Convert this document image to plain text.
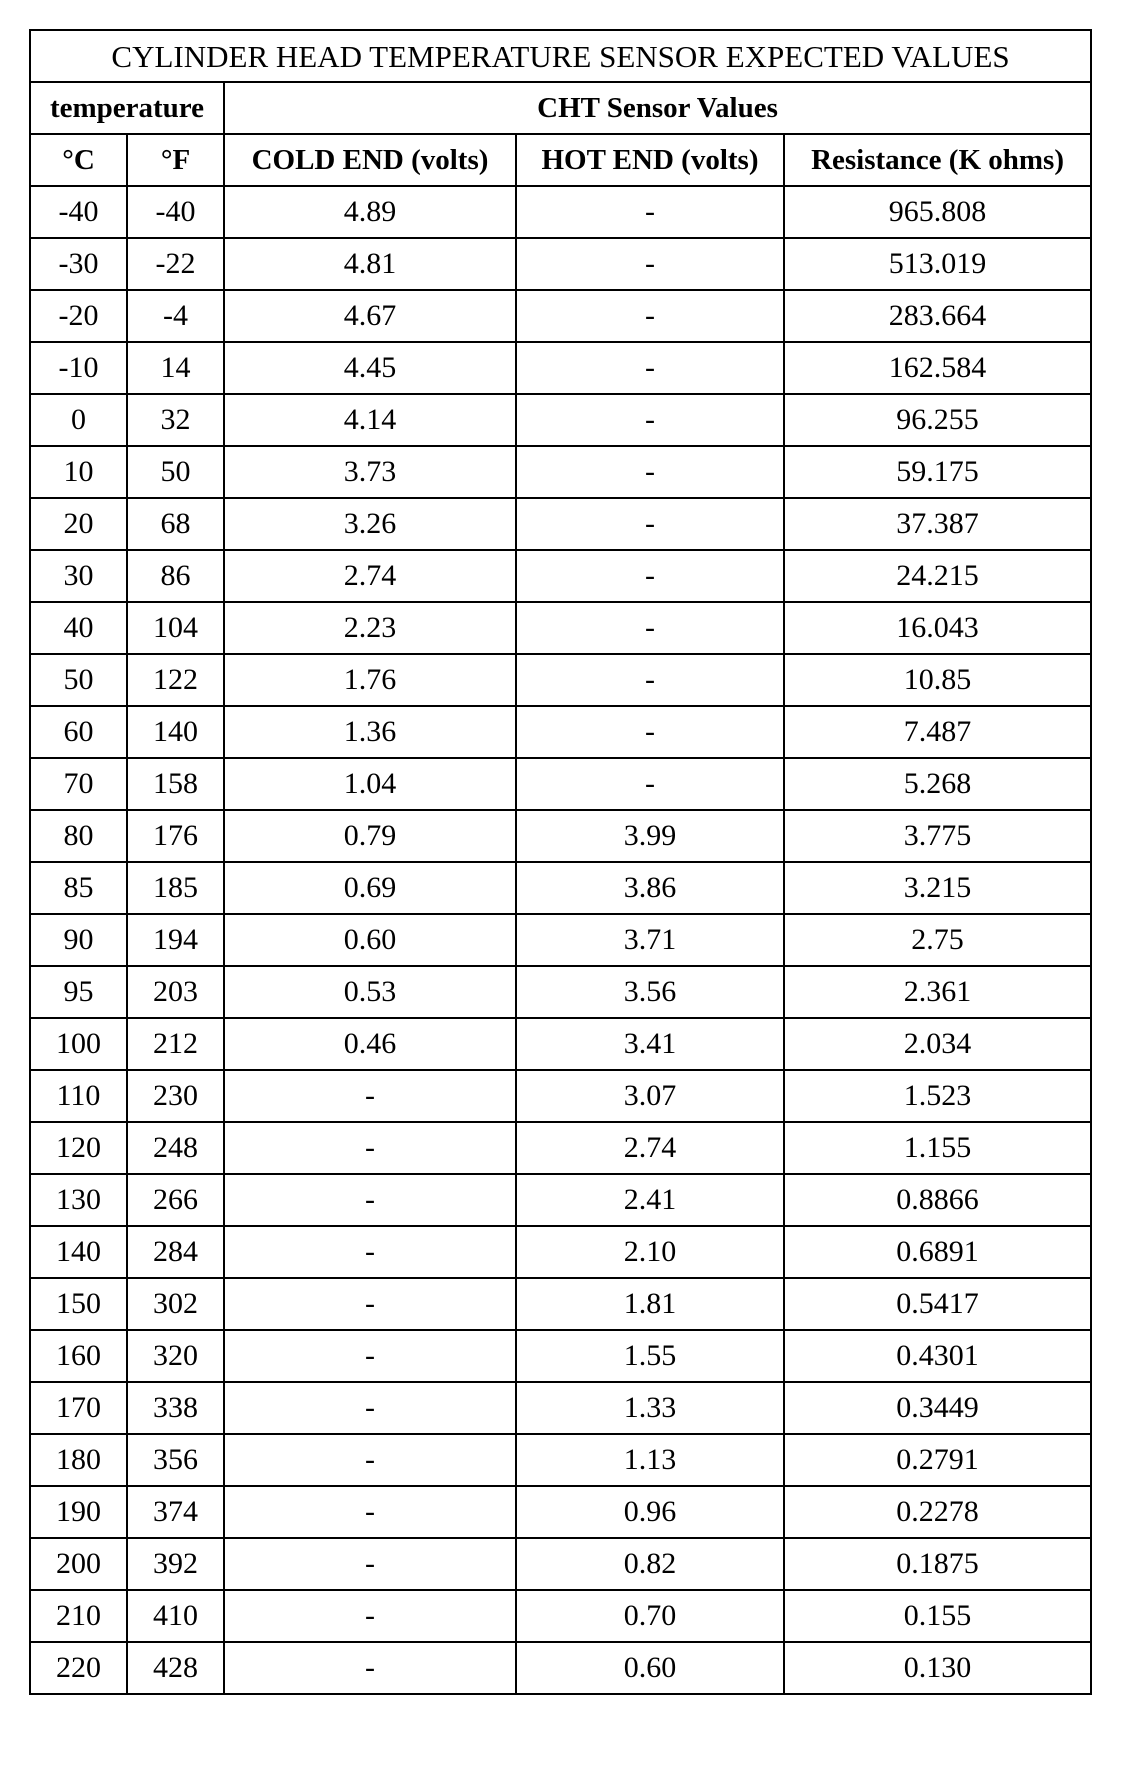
CYLINDER HEAD TEMPERATURE SENSOR EXPECTED VALUES				
temperature		CHT Sensor Values		
°C	°F	COLD END (volts)	HOT END (volts)	Resistance (K ohms)
-40	-40	4.89	-	965.808
-30	-22	4.81	-	513.019
-20	-4	4.67	-	283.664
-10	14	4.45	-	162.584
0	32	4.14	-	96.255
10	50	3.73	-	59.175
20	68	3.26	-	37.387
30	86	2.74	-	24.215
40	104	2.23	-	16.043
50	122	1.76	-	10.85
60	140	1.36	-	7.487
70	158	1.04	-	5.268
80	176	0.79	3.99	3.775
85	185	0.69	3.86	3.215
90	194	0.60	3.71	2.75
95	203	0.53	3.56	2.361
100	212	0.46	3.41	2.034
110	230	-	3.07	1.523
120	248	-	2.74	1.155
130	266	-	2.41	0.8866
140	284	-	2.10	0.6891
150	302	-	1.81	0.5417
160	320	-	1.55	0.4301
170	338	-	1.33	0.3449
180	356	-	1.13	0.2791
190	374	-	0.96	0.2278
200	392	-	0.82	0.1875
210	410	-	0.70	0.155
220	428	-	0.60	0.130
